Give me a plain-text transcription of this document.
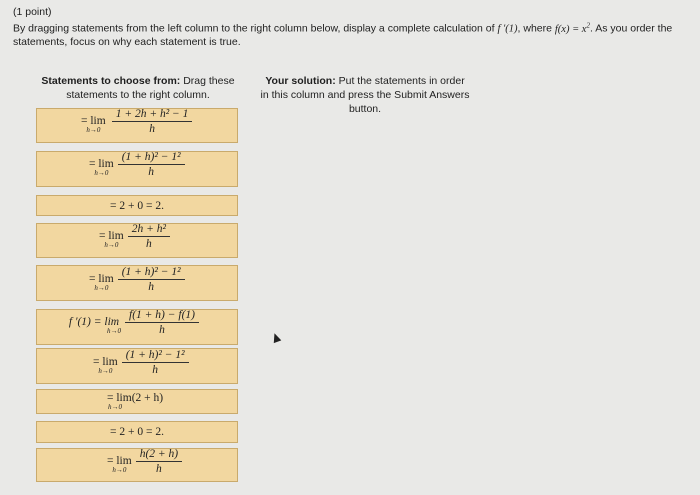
(1 point)
By dragging statements from the left column to the right column below, display a complete calculation of f ′(1), where $f(x) = x^2$. As you order the
statements, focus on why each statement is true.
Statements to choose from: Drag these statements to the right column.
Your solution: Put the statements in order in this column and press the Submit Answers button.
= lim
$h\to 0 \frac{\text{1 + 2h + h² − 1}}{h}$
= lim
$h\to 0 \frac{\text{(1 + h)² − 1²}}{h}$
= 2 + 0 = 2.
= lim
$h\to 0 \frac{\text{2h + h²}}{h}$
= lim
$h\to 0 \frac{\text{(1 + h)² − 1²}}{h}$
f ′(1) = lim
$h\to 0 \frac{f(1 + h) - f(1)}{h}$
= lim
$h\to 0 \frac{\text{(1 + h)² − 1²}}{h}$
= lim(2 + h)
h→0
= 2 + 0 = 2.
= lim
$h\to 0 \frac{h(2 + h)}{h}$
